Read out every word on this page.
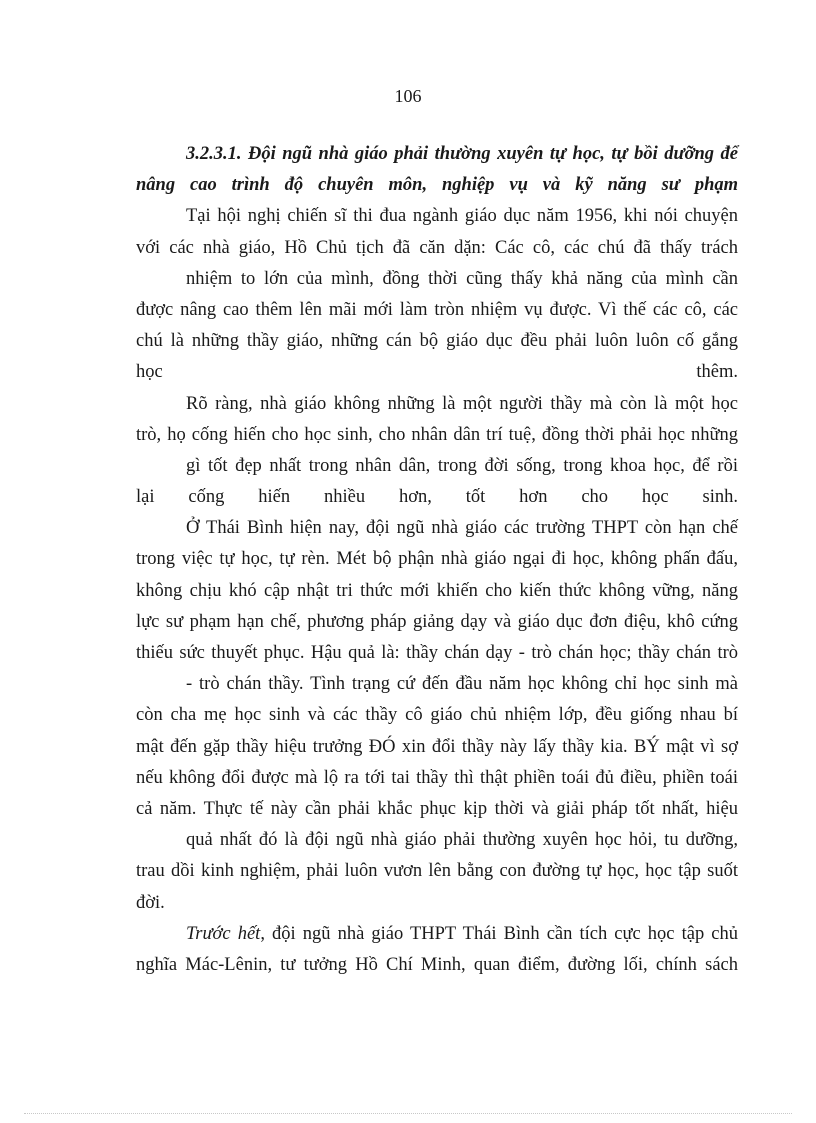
106
3.2.3.1. Đội ngũ nhà giáo phải thường xuyên tự học, tự bồi dưỡng để
nâng cao trình độ chuyên môn, nghiệp vụ và kỹ năng sư phạm
Tại hội nghị chiến sĩ thi đua ngành giáo dục năm 1956, khi nói chuyện
với các nhà giáo, Hồ Chủ tịch đã căn dặn: Các cô, các chú đã thấy trách
nhiệm to lớn của mình, đồng thời cũng thấy khả năng của mình cần
được nâng cao thêm lên mãi mới làm tròn nhiệm vụ được. Vì thế các cô, các
chú là những thầy giáo, những cán bộ giáo dục đều phải luôn luôn cố gắng
học thêm.
Rõ ràng, nhà giáo không những là một người thầy mà còn là một học
trò, họ cống hiến cho học sinh, cho nhân dân trí tuệ, đồng thời phải học những
gì tốt đẹp nhất trong nhân dân, trong đời sống, trong khoa học, để rồi
lại cống hiến nhiều hơn, tốt hơn cho học sinh.
Ở Thái Bình hiện nay, đội ngũ nhà giáo các trường THPT còn hạn chế
trong việc tự học, tự rèn. Mét bộ phận nhà giáo ngại đi học, không phấn đấu,
không chịu khó cập nhật tri thức mới khiến cho kiến thức không vững, năng
lực sư phạm hạn chế, phương pháp giảng dạy và giáo dục đơn điệu, khô cứng
thiếu sức thuyết phục. Hậu quả là: thầy chán dạy - trò chán học; thầy chán trò
- trò chán thầy. Tình trạng cứ đến đầu năm học không chỉ học sinh mà
còn cha mẹ học sinh và các thầy cô giáo chủ nhiệm lớp, đều giống nhau bí
mật đến gặp thầy hiệu trưởng ĐÓ xin đổi thầy này lấy thầy kia. BÝ mật vì sợ
nếu không đổi được mà lộ ra tới tai thầy thì thật phiền toái đủ điều, phiền toái
cả năm. Thực tế này cần phải khắc phục kịp thời và giải pháp tốt nhất, hiệu
quả nhất đó là đội ngũ nhà giáo phải thường xuyên học hỏi, tu dưỡng,
trau dồi kinh nghiệm, phải luôn vươn lên bằng con đường tự học, học tập suốt
đời.
Trước hết, đội ngũ nhà giáo THPT Thái Bình cần tích cực học tập chủ
nghĩa Mác-Lênin, tư tưởng Hồ Chí Minh, quan điểm, đường lối, chính sách
